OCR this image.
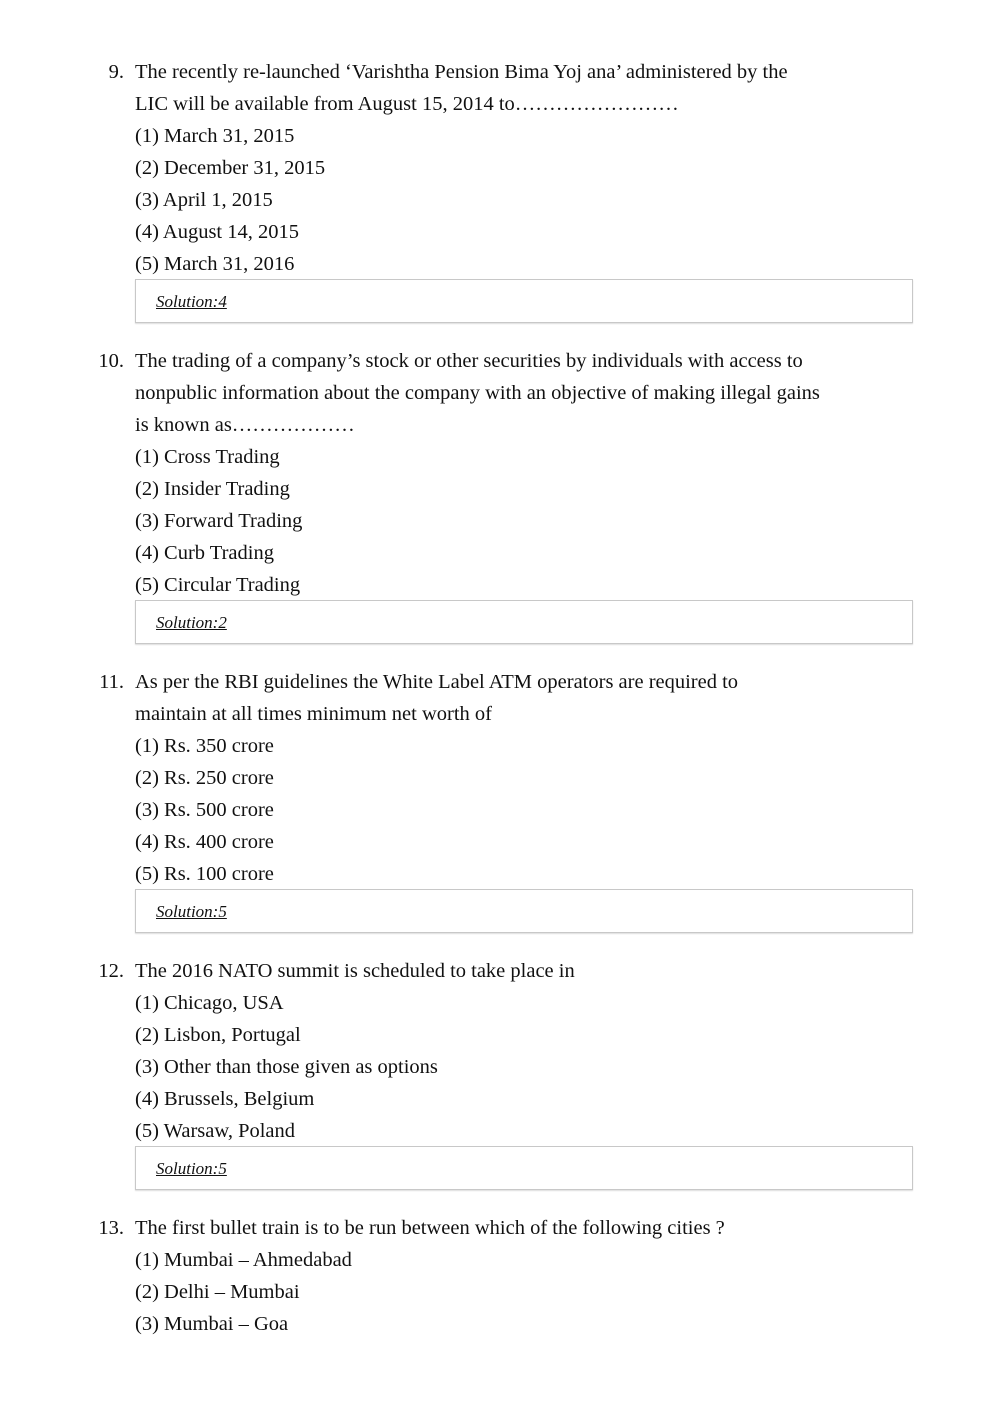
9. The recently re-launched ‘Varishtha Pension Bima Yoj ana’ administered by the
LIC will be available from August 15, 2014 to……………………
(1) March 31, 2015
(2) December 31, 2015
(3) April 1, 2015
(4) August 14, 2015
(5) March 31, 2016
Solution:4
10. The trading of a company’s stock or other securities by individuals with access to
nonpublic information about the company with an objective of making illegal gains
is known as………………
(1) Cross Trading
(2) Insider Trading
(3) Forward Trading
(4) Curb Trading
(5) Circular Trading
Solution:2
11. As per the RBI guidelines the White Label ATM operators are required to
maintain at all times minimum net worth of
(1) Rs. 350 crore
(2) Rs. 250 crore
(3) Rs. 500 crore
(4) Rs. 400 crore
(5) Rs. 100 crore
Solution:5
12. The 2016 NATO summit is scheduled to take place in
(1) Chicago, USA
(2) Lisbon, Portugal
(3) Other than those given as options
(4) Brussels, Belgium
(5) Warsaw, Poland
Solution:5
13. The first bullet train is to be run between which of the following cities ?
(1) Mumbai – Ahmedabad
(2) Delhi – Mumbai
(3) Mumbai – Goa
